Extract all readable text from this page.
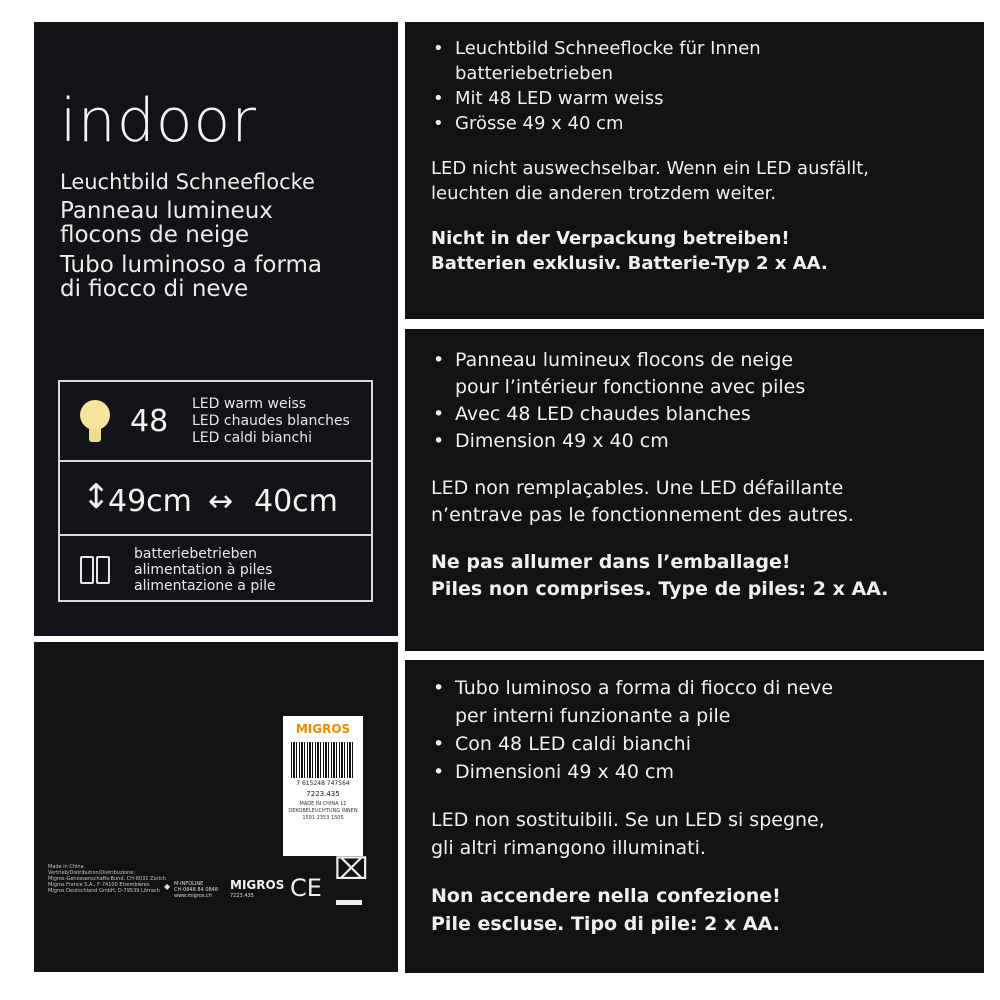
indoor
Leuchtbild Schneeflocke
Panneau lumineux
flocons de neige
Tubo luminoso a forma
di fiocco di neve
48 LED warm weiss
LED chaudes blanches
LED caldi bianchi
↕
49cm ↔ 40cm
batteriebetrieben
alimentation à piles
alimentazione a pile
MIGROS
7 615248 747564
7223.435
MADE IN CHINA 11
DEKOBELEUCHTUNG INNEN
1501 2353 1505
Made in China
Vertrieb/Distribution/Distribuzione:
Migros-Genossenschafts-Bund, CH-8031 Zürich
Migros France S.A., F-74100 Etrembières
Migros Deutschland GmbH, D-79539 Lörrach ◆ M-INFOLINE
CH-0848 84 0848
www.migros.ch
MIGROS
7223.435 CE
⌧
• Leuchtbild Schneeflocke für Innen
batteriebetrieben
• Mit 48 LED warm weiss
• Grösse 49 x 40 cm
LED nicht auswechselbar. Wenn ein LED ausfällt,
leuchten die anderen trotzdem weiter.
Nicht in der Verpackung betreiben!
Batterien exklusiv. Batterie-Typ 2 x AA.
• Panneau lumineux flocons de neige
pour l’intérieur fonctionne avec piles
• Avec 48 LED chaudes blanches
• Dimension 49 x 40 cm
LED non remplaçables. Une LED défaillante
n’entrave pas le fonctionnement des autres.
Ne pas allumer dans l’emballage!
Piles non comprises. Type de piles: 2 x AA.
• Tubo luminoso a forma di fiocco di neve
per interni funzionante a pile
• Con 48 LED caldi bianchi
• Dimensioni 49 x 40 cm
LED non sostituibili. Se un LED si spegne,
gli altri rimangono illuminati.
Non accendere nella confezione!
Pile escluse. Tipo di pile: 2 x AA.
